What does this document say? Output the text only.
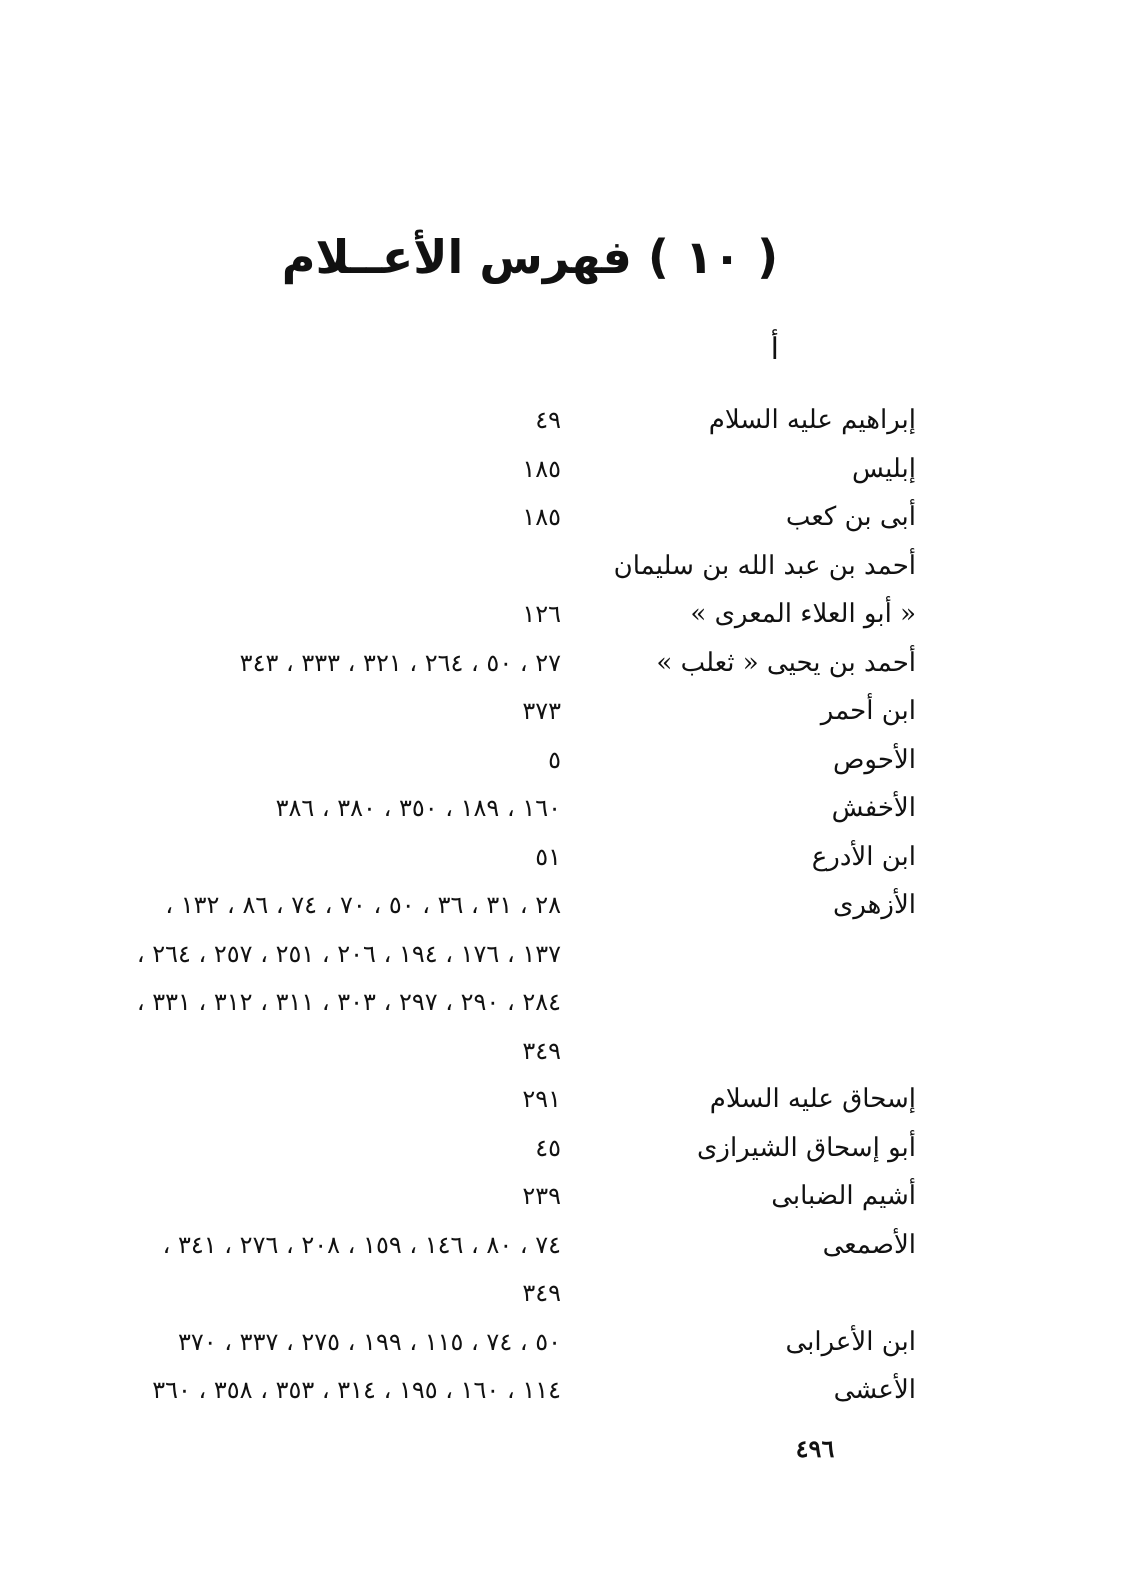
( ١٠ ) فهرس الأعــلام
أ
إبراهيم عليه السلام
٤٩
إبليس
١٨٥
أبى بن كعب
١٨٥
أحمد بن عبد الله بن سليمان
« أبو العلاء المعرى »
١٢٦
أحمد بن يحيى « ثعلب »
٢٧ ، ٥٠ ، ٢٦٤ ، ٣٢١ ، ٣٣٣ ، ٣٤٣
ابن أحمر
٣٧٣
الأحوص
٥
الأخفش
١٦٠ ، ١٨٩ ، ٣٥٠ ، ٣٨٠ ، ٣٨٦
ابن الأدرع
٥١
الأزهرى
٢٨ ، ٣١ ، ٣٦ ، ٥٠ ، ٧٠ ، ٧٤ ، ٨٦ ، ١٣٢ ،
١٣٧ ، ١٧٦ ، ١٩٤ ، ٢٠٦ ، ٢٥١ ، ٢٥٧ ، ٢٦٤ ،
٢٨٤ ، ٢٩٠ ، ٢٩٧ ، ٣٠٣ ، ٣١١ ، ٣١٢ ، ٣٣١ ،
٣٤٩
إسحاق عليه السلام
٢٩١
أبو إسحاق الشيرازى
٤٥
أشيم الضبابى
٢٣٩
الأصمعى
٧٤ ، ٨٠ ، ١٤٦ ، ١٥٩ ، ٢٠٨ ، ٢٧٦ ، ٣٤١ ،
٣٤٩
ابن الأعرابى
٥٠ ، ٧٤ ، ١١٥ ، ١٩٩ ، ٢٧٥ ، ٣٣٧ ، ٣٧٠
الأعشى
١١٤ ، ١٦٠ ، ١٩٥ ، ٣١٤ ، ٣٥٣ ، ٣٥٨ ، ٣٦٠
٤٩٦
